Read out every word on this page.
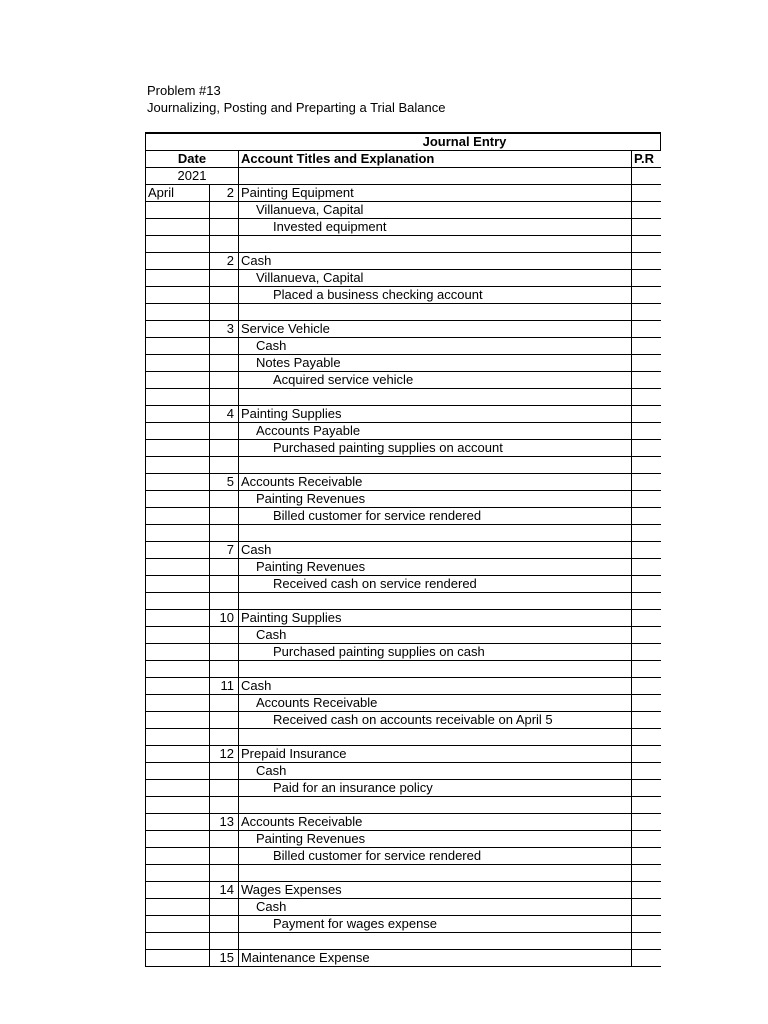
Problem #13
Journalizing, Posting and Preparting a Trial Balance
	Journal Entry		
Date		Account Titles and Explanation	P.R
2021			
April	2	Painting Equipment	
		Villanueva, Capital	
		Invested equipment	

	2	Cash	
		Villanueva, Capital	
		Placed a business checking account	

	3	Service Vehicle	
		Cash	
		Notes Payable	
		Acquired service vehicle	

	4	Painting Supplies	
		Accounts Payable	
		Purchased painting supplies on account	

	5	Accounts Receivable	
		Painting Revenues	
		Billed customer for service rendered	

	7	Cash	
		Painting Revenues	
		Received cash on service rendered	

	10	Painting Supplies	
		Cash	
		Purchased painting supplies on cash	

	11	Cash	
		Accounts Receivable	
		Received cash on accounts receivable on April 5	

	12	Prepaid Insurance	
		Cash	
		Paid for an insurance policy	

	13	Accounts Receivable	
		Painting Revenues	
		Billed customer for service rendered	

	14	Wages Expenses	
		Cash	
		Payment for wages expense	

	15	Maintenance Expense	
